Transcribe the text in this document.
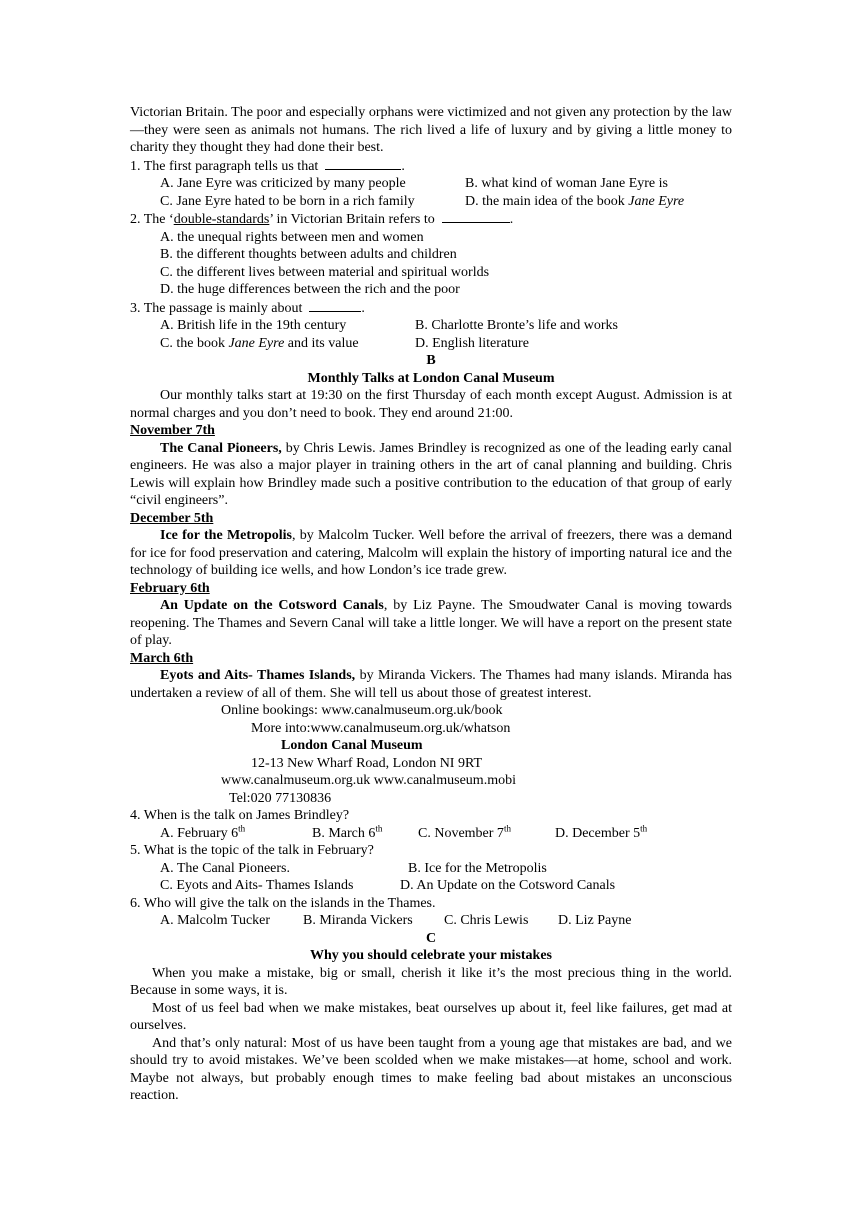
Victorian Britain. The poor and especially orphans were victimized and not given any protection by the law—they were seen as animals not humans. The rich lived a life of luxury and by giving a little money to charity they thought they had done their best.

1. The first paragraph tells us that	.

A. Jane Eyre was criticized by many people	B. what kind of woman Jane Eyre is
C. Jane Eyre hated to be born in a rich family	D. the main idea of the book Jane Eyre

2. The ‘double-standards’ in Victorian Britain refers to	.

A. the unequal rights between men and women
B. the different thoughts between adults and children
C. the different lives between material and spiritual worlds
D. the huge differences between the rich and the poor

3. The passage is mainly about	.

A. British life in the 19th century	B. Charlotte Bronte’s life and works
C. the book Jane Eyre and its value	D. English literature

B

Monthly Talks at London Canal Museum

Our monthly talks start at 19:30 on the first Thursday of each month except August. Admission is at normal charges and you don’t need to book. They end around 21:00.

November 7th

The Canal Pioneers, by Chris Lewis. James Brindley is recognized as one of the leading early canal engineers. He was also a major player in training others in the art of canal planning and building. Chris Lewis will explain how Brindley made such a positive contribution to the education of that group of early “civil engineers”.

December 5th

Ice for the Metropolis, by Malcolm Tucker. Well before the arrival of freezers, there was a demand for ice for food preservation and catering, Malcolm will explain the history of importing natural ice and the technology of building ice wells, and how London’s ice trade grew.

February 6th

An Update on the Cotsword Canals, by Liz Payne. The Smoudwater Canal is moving towards reopening. The Thames and Severn Canal will take a little longer. We will have a report on the present state of play.

March 6th

Eyots and Aits- Thames Islands, by Miranda Vickers. The Thames had many islands. Miranda has undertaken a review of all of them. She will tell us about those of greatest interest.

Online bookings: www.canalmuseum.org.uk/book

More into:www.canalmuseum.org.uk/whatson

London Canal Museum

12-13 New Wharf Road, London NI 9RT

www.canalmuseum.org.uk www.canalmuseum.mobi

Tel:020 77130836

4. When is the talk on James Brindley?

A. February 6th	B. March 6th	C. November 7th	D. December 5th

5. What is the topic of the talk in February?

A. The Canal Pioneers.	B. Ice for the Metropolis
C. Eyots and Aits- Thames Islands	D. An Update on the Cotsword Canals

6. Who will give the talk on the islands in the Thames.

A. Malcolm Tucker B. Miranda Vickers C. Chris Lewis D. Liz Payne

C

Why you should celebrate your mistakes

When you make a mistake, big or small, cherish it like it’s the most precious thing in the world. Because in some ways, it is.

Most of us feel bad when we make mistakes, beat ourselves up about it, feel like failures, get mad at ourselves.

And that’s only natural: Most of us have been taught from a young age that mistakes are bad, and we should try to avoid mistakes. We’ve been scolded when we make mistakes—at home, school and work. Maybe not always, but probably enough times to make feeling bad about mistakes an unconscious reaction.
